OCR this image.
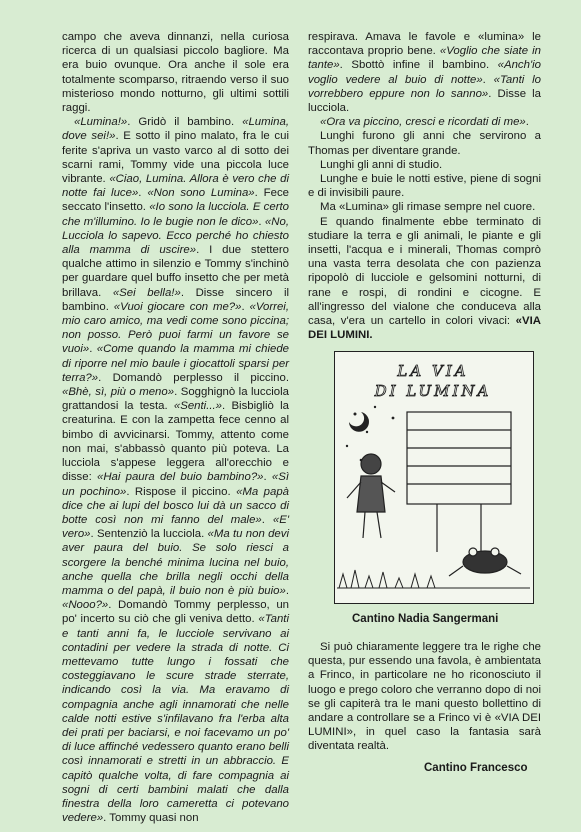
campo che aveva dinnanzi, nella curiosa ricerca di un qualsiasi piccolo bagliore. Ma era buio ovunque. Ora anche il sole era totalmente scomparso, ritraendo verso il suo misterioso mondo notturno, gli ultimi sottili raggi.

«Lumina!». Gridò il bambino. «Lumina, dove sei!». E sotto il pino malato, fra le cui ferite s'apriva un vasto varco al di sotto dei scarni rami, Tommy vide una piccola luce vibrante. «Ciao, Lumina. Allora è vero che di notte fai luce». «Non sono Lumina». Fece seccato l'insetto. «Io sono la lucciola. E certo che m'illumino. Io le bugie non le dico». «No, Lucciola lo sapevo. Ecco perché ho chiesto alla mamma di uscire». I due stettero qualche attimo in silenzio e Tommy s'inchinò per guardare quel buffo insetto che per metà brillava. «Sei bella!». Disse sincero il bambino. «Vuoi giocare con me?». «Vorrei, mio caro amico, ma vedi come sono piccina; non posso. Però puoi farmi un favore se vuoi». «Come quando la mamma mi chiede di riporre nel mio baule i giocattoli sparsi per terra?». Domandò perplesso il piccino. «Bhè, sì, più o meno». Sogghignò la lucciola grattandosi la testa. «Senti...». Bisbigliò la creaturina. E con la zampetta fece cenno al bimbo di avvicinarsi. Tommy, attento come non mai, s'abbassò quanto più poteva. La lucciola s'appese leggera all'orecchio e disse: «Hai paura del buio bambino?». «Sì un pochino». Rispose il piccino. «Ma papà dice che ai lupi del bosco lui dà un sacco di botte così non mi fanno del male». «E' vero». Sentenziò la lucciola. «Ma tu non devi aver paura del buio. Se solo riesci a scorgere la benché minima lucina nel buio, anche quella che brilla negli occhi della mamma o del papà, il buio non è più buio». «Nooo?». Domandò Tommy perplesso, un po' incerto su ciò che gli veniva detto. «Tanti e tanti anni fa, le lucciole servivano ai contadini per vedere la strada di notte. Ci mettevamo tutte lungo i fossati che costeggiavano le scure strade sterrate, indicando così la via. Ma eravamo di compagnia anche agli innamorati che nelle calde notti estive s'infilavano fra l'erba alta dei prati per baciarsi, e noi facevamo un po' di luce affinché vedessero quanto erano belli così innamorati e stretti in un abbraccio. E capitò qualche volta, di fare compagnia ai sogni di certi bambini malati che dalla finestra della loro cameretta ci potevano vedere». Tommy quasi non

respirava. Amava le favole e «lumina» le raccontava proprio bene. «Voglio che siate in tante». Sbottò infine il bambino. «Anch'io voglio vedere al buio di notte». «Tanti lo vorrebbero eppure non lo sanno». Disse la lucciola.

«Ora va piccino, cresci e ricordati di me».

Lunghi furono gli anni che servirono a Thomas per diventare grande.

Lunghi gli anni di studio.

Lunghe e buie le notti estive, piene di sogni e di invisibili paure.

Ma «Lumina» gli rimase sempre nel cuore.

E quando finalmente ebbe terminato di studiare la terra e gli animali, le piante e gli insetti, l'acqua e i minerali, Thomas comprò una vasta terra desolata che con pazienza ripopolò di lucciole e gelsomini notturni, di rane e rospi, di rondini e cicogne. E all'ingresso del vialone che conduceva alla casa, v'era un cartello in colori vivaci: «VIA DEI LUMINI.

LA VIA
DI LUMINA
Cantino Nadia Sangermani

Si può chiaramente leggere tra le righe che questa, pur essendo una favola, è ambientata a Frinco, in particolare ne ho riconosciuto il luogo e prego coloro che verranno dopo di noi se gli capiterà tra le mani questo bollettino di andare a controllare se a Frinco vi è «VIA DEI LUMINI», in quel caso la fantasia sarà diventata realtà.

Cantino Francesco
